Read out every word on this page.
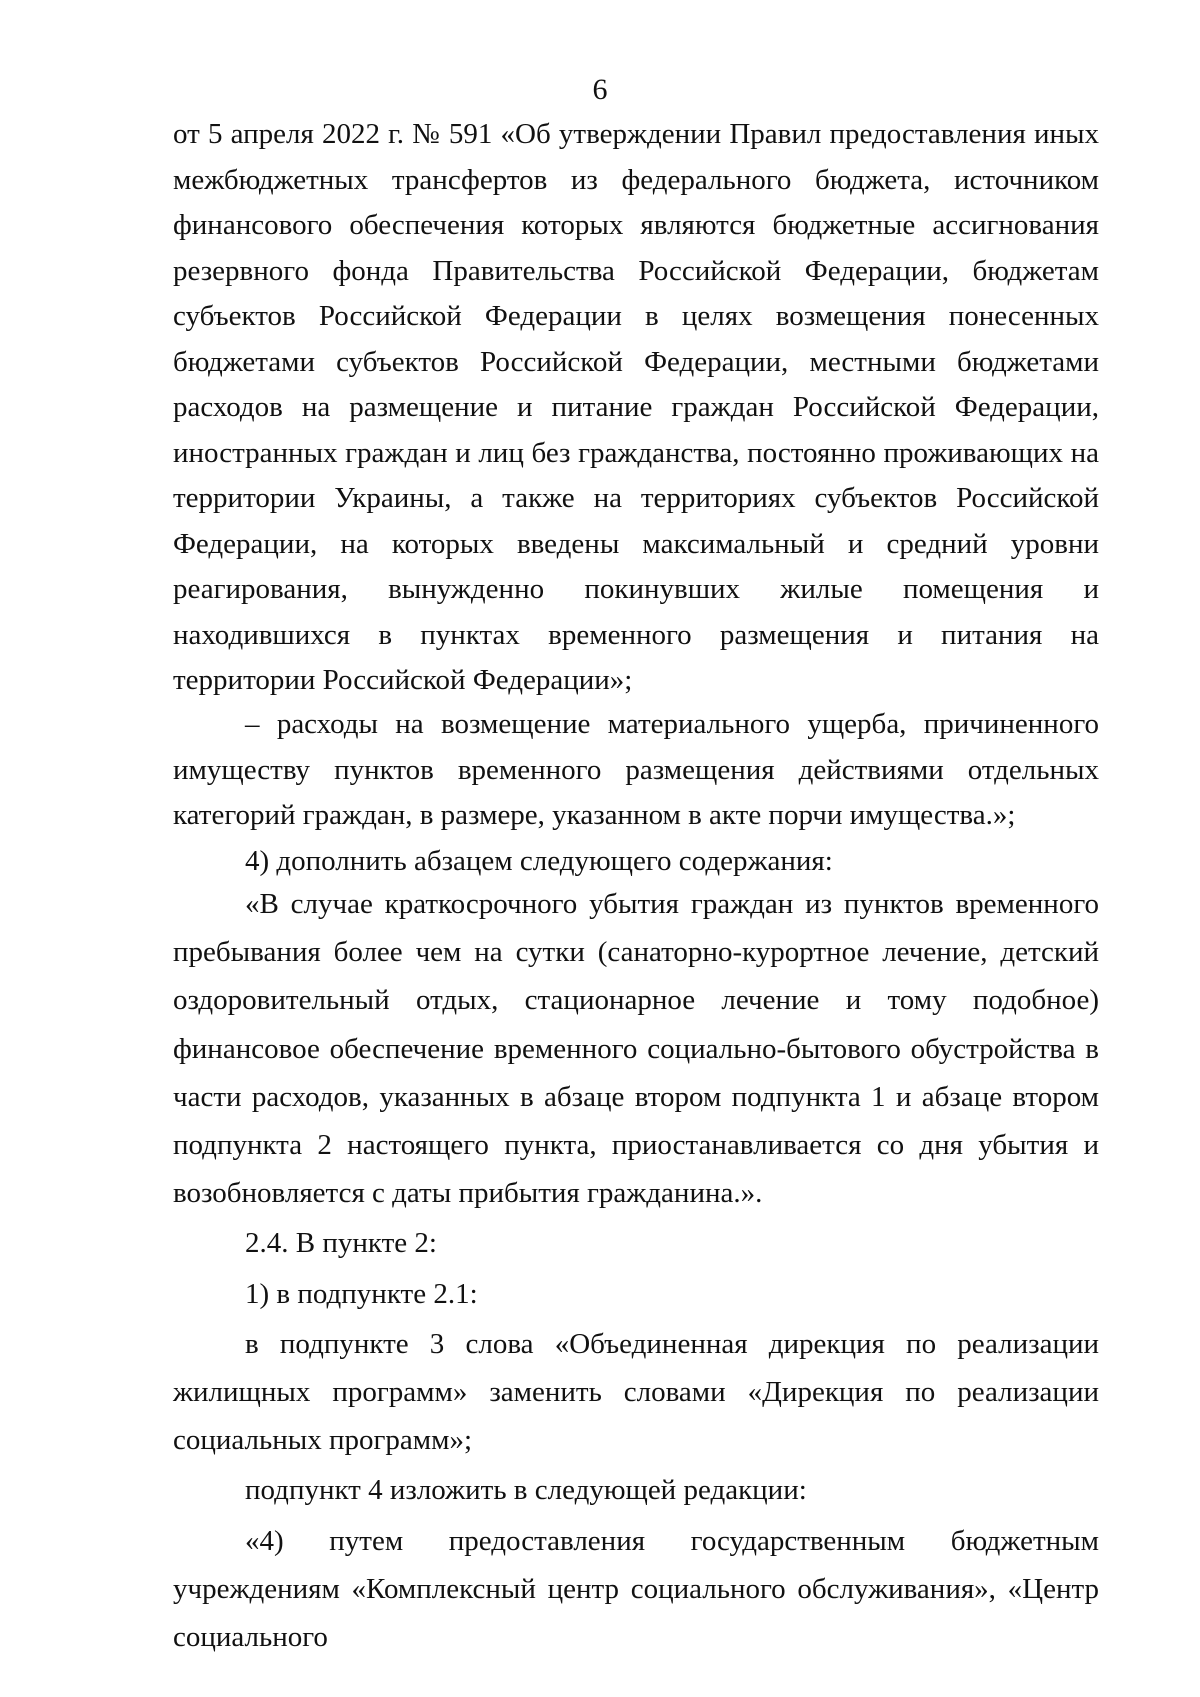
6

от 5 апреля 2022 г. № 591 «Об утверждении Правил предоставления иных межбюджетных трансфертов из федерального бюджета, источником финансового обеспечения которых являются бюджетные ассигнования резервного фонда Правительства Российской Федерации, бюджетам субъектов Российской Федерации в целях возмещения понесенных бюджетами субъектов Российской Федерации, местными бюджетами расходов на размещение и питание граждан Российской Федерации, иностранных граждан и лиц без гражданства, постоянно проживающих на территории Украины, а также на территориях субъектов Российской Федерации, на которых введены максимальный и средний уровни реагирования, вынужденно покинувших жилые помещения и находившихся в пунктах временного размещения и питания на территории Российской Федерации»;

– расходы на возмещение материального ущерба, причиненного имуществу пунктов временного размещения действиями отдельных категорий граждан, в размере, указанном в акте порчи имущества.»;

4) дополнить абзацем следующего содержания:

«В случае краткосрочного убытия граждан из пунктов временного пребывания более чем на сутки (санаторно-курортное лечение, детский оздоровительный отдых, стационарное лечение и тому подобное) финансовое обеспечение временного социально-бытового обустройства в части расходов, указанных в абзаце втором подпункта 1 и абзаце втором подпункта 2 настоящего пункта, приостанавливается со дня убытия и возобновляется с даты прибытия гражданина.».

2.4. В пункте 2:

1) в подпункте 2.1:

в подпункте 3 слова «Объединенная дирекция по реализации жилищных программ» заменить словами «Дирекция по реализации социальных программ»;

подпункт 4 изложить в следующей редакции:

«4) путем предоставления государственным бюджетным учреждениям «Комплексный центр социального обслуживания», «Центр социального
